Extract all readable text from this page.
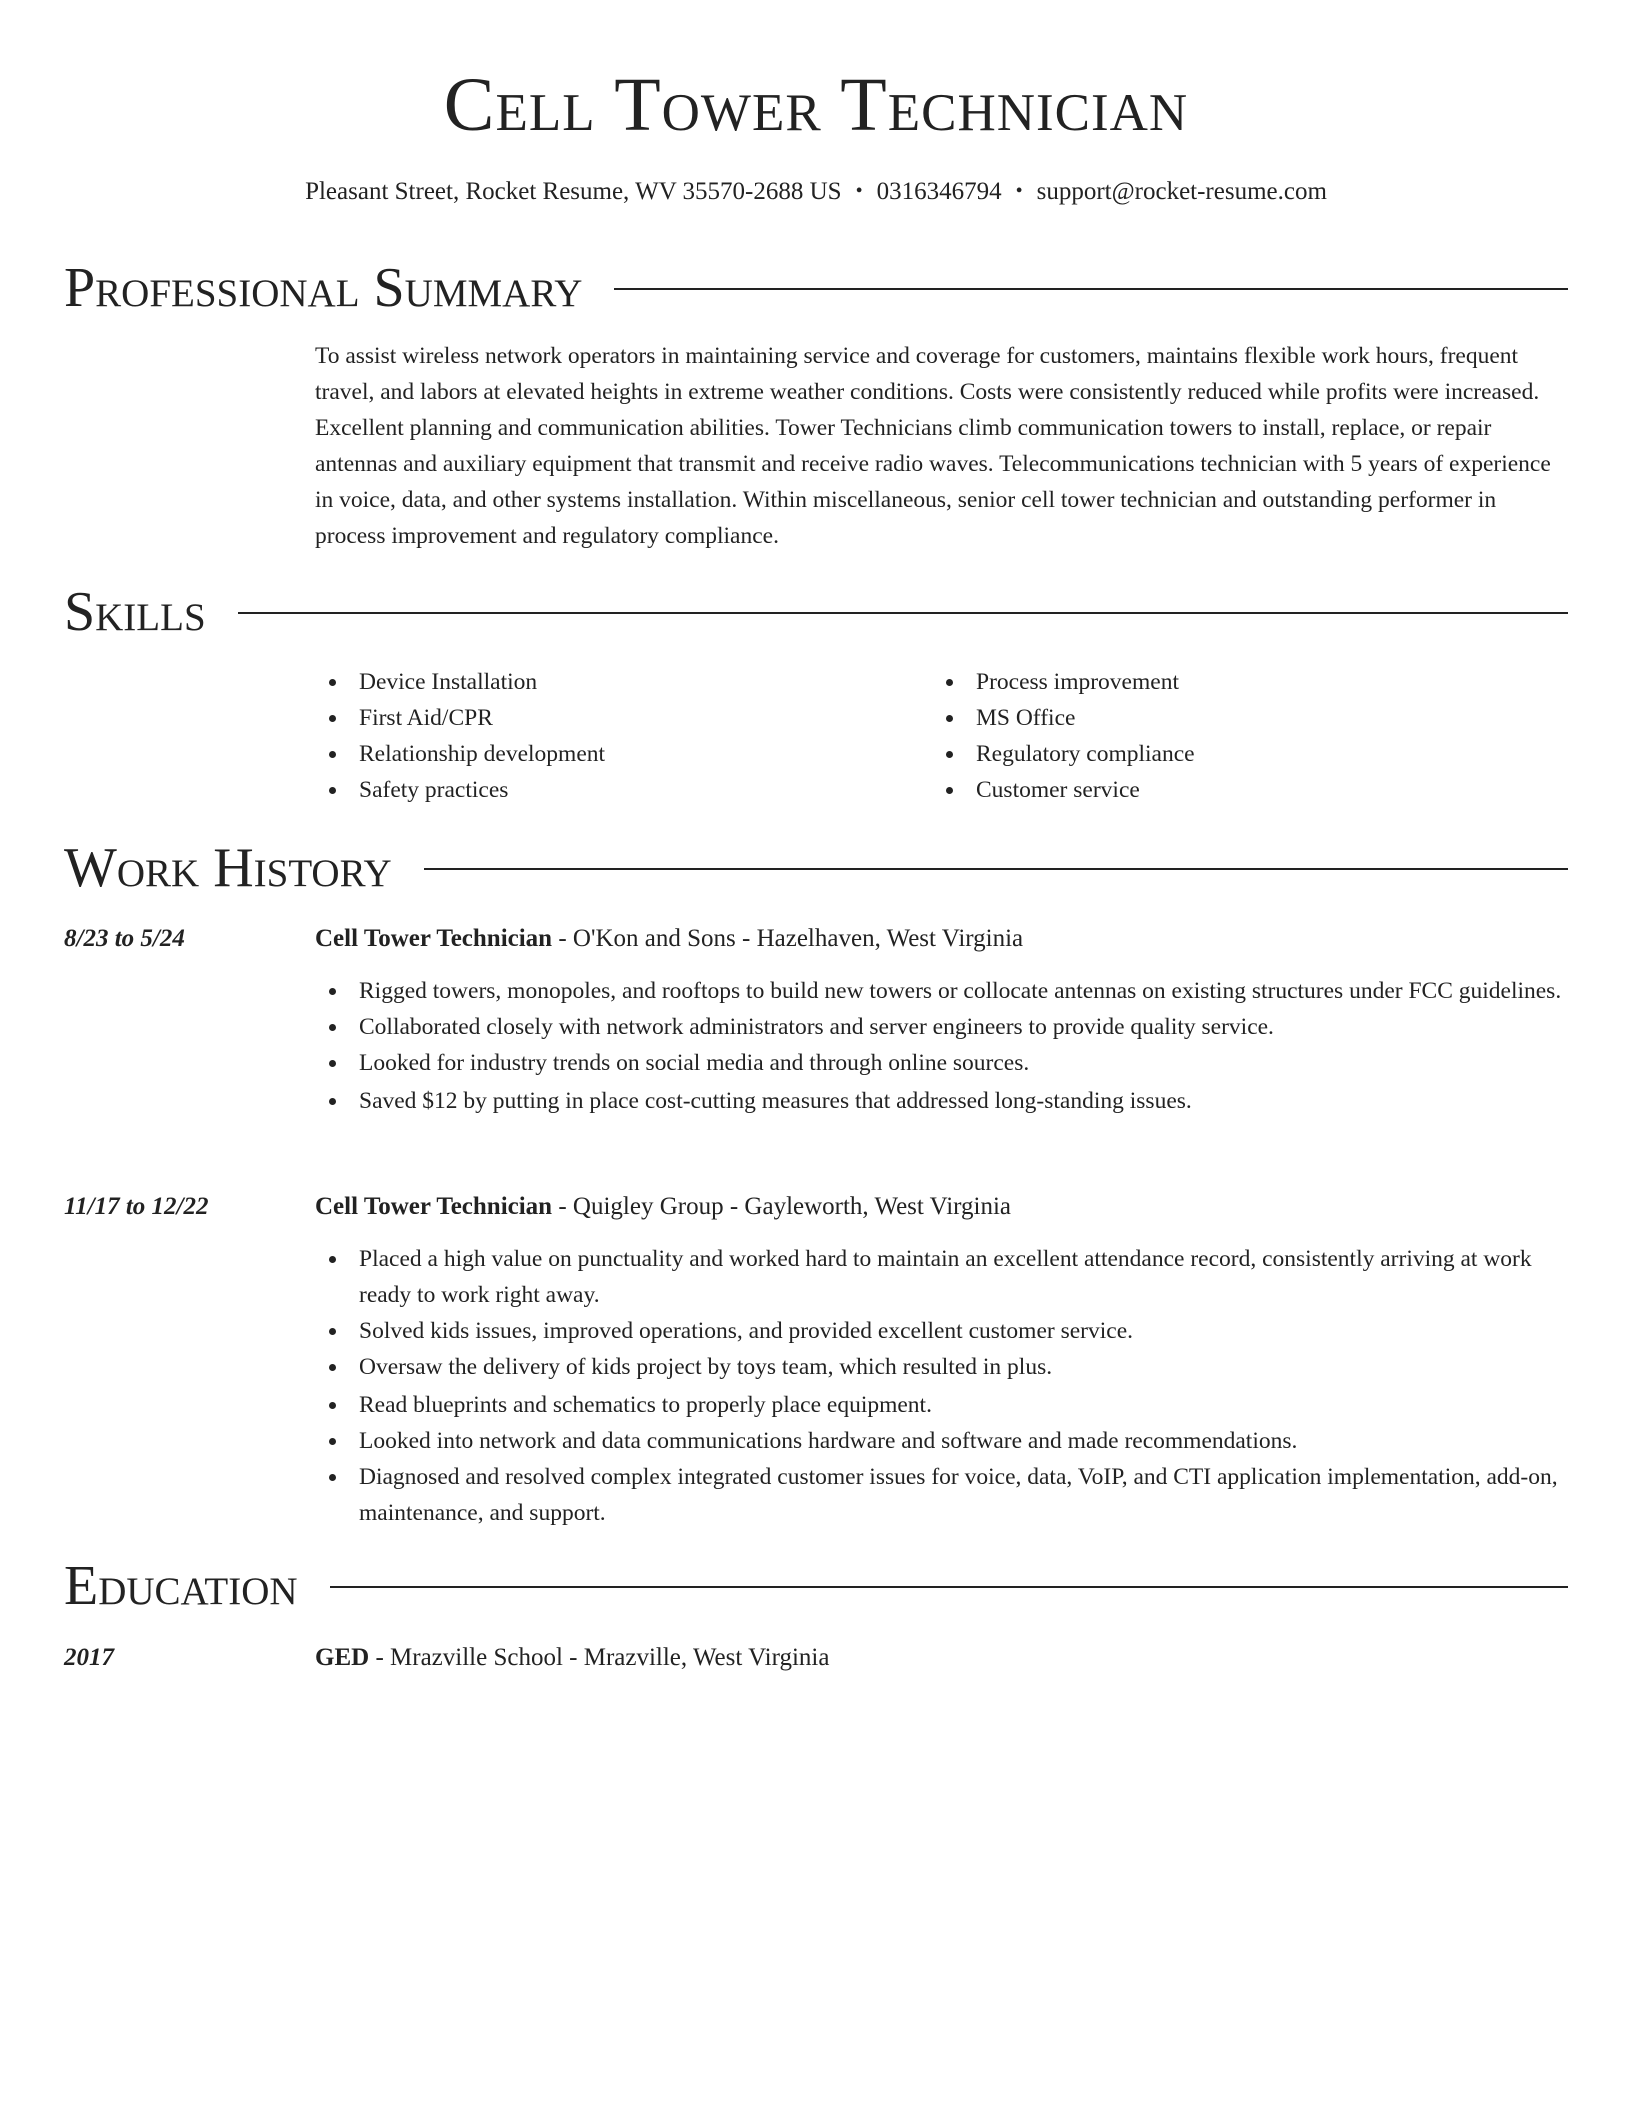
Cell Tower Technician
Pleasant Street, Rocket Resume, WV 35570-2688 US • 0316346794 • support@rocket-resume.com
Professional Summary

To assist wireless network operators in maintaining service and coverage for customers, maintains flexible work hours, frequent travel, and labors at elevated heights in extreme weather conditions. Costs were consistently reduced while profits were increased. Excellent planning and communication abilities. Tower Technicians climb communication towers to install, replace, or repair antennas and auxiliary equipment that transmit and receive radio waves. Telecommunications technician with 5 years of experience in voice, data, and other systems installation. Within miscellaneous, senior cell tower technician and outstanding performer in process improvement and regulatory compliance.

Skills
Device Installation
First Aid/CPR
Relationship development
Safety practices
Process improvement
MS Office
Regulatory compliance
Customer service
Work History
8/23 to 5/24	Cell Tower Technician - O'Kon and Sons - Hazelhaven, West Virginia
Rigged towers, monopoles, and rooftops to build new towers or collocate antennas on existing structures under FCC guidelines.
Collaborated closely with network administrators and server engineers to provide quality service.
Looked for industry trends on social media and through online sources.
Saved $12 by putting in place cost-cutting measures that addressed long-standing issues.
11/17 to 12/22	Cell Tower Technician - Quigley Group - Gayleworth, West Virginia
Placed a high value on punctuality and worked hard to maintain an excellent attendance record, consistently arriving at work ready to work right away.
Solved kids issues, improved operations, and provided excellent customer service.
Oversaw the delivery of kids project by toys team, which resulted in plus.
Read blueprints and schematics to properly place equipment.
Looked into network and data communications hardware and software and made recommendations.
Diagnosed and resolved complex integrated customer issues for voice, data, VoIP, and CTI application implementation, add-on, maintenance, and support.
Education
2017	GED - Mrazville School - Mrazville, West Virginia
